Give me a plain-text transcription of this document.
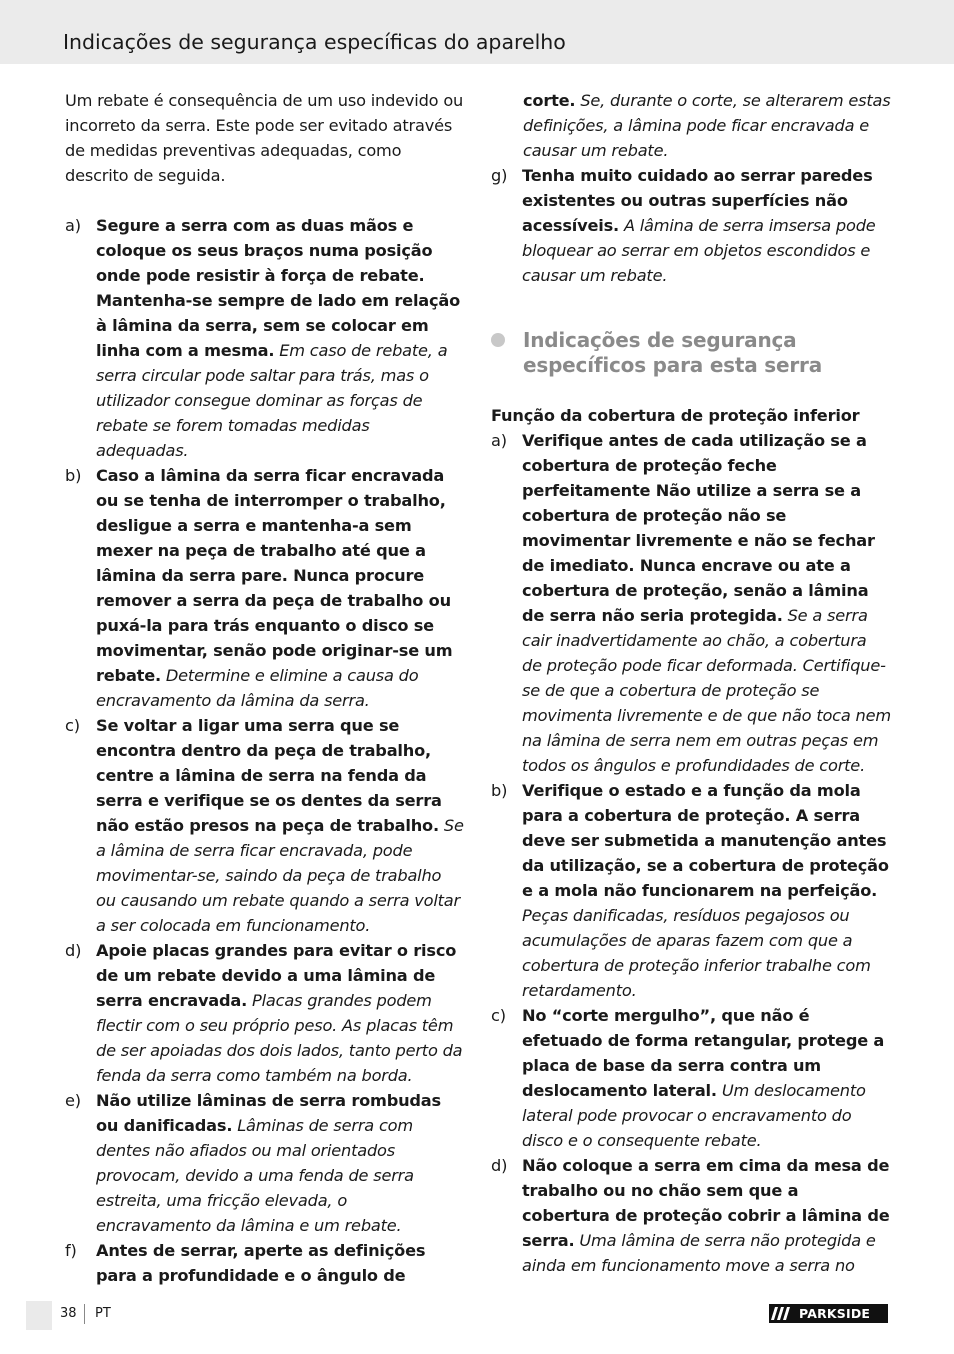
Indicações de segurança específicas do aparelho

Um rebate é consequência de um uso indevido ou incorreto da serra. Este pode ser evitado através de medidas preventivas adequadas, como descrito de seguida.

a) Segure a serra com as duas mãos e coloque os seus braços numa posição onde pode resistir à força de rebate. Mantenha-se sempre de lado em relação à lâmina da serra, sem se colocar em linha com a mesma. Em caso de rebate, a serra circular pode saltar para trás, mas o utilizador consegue dominar as forças de rebate se forem tomadas medidas adequadas.
b) Caso a lâmina da serra ficar encravada ou se tenha de interromper o trabalho, desligue a serra e mantenha-a sem mexer na peça de trabalho até que a lâmina da serra pare. Nunca procure remover a serra da peça de trabalho ou puxá-la para trás enquanto o disco se movimentar, senão pode originar-se um rebate. Determine e elimine a causa do encravamento da lâmina da serra.
c) Se voltar a ligar uma serra que se encontra dentro da peça de trabalho, centre a lâmina de serra na fenda da serra e verifique se os dentes da serra não estão presos na peça de trabalho. Se a lâmina de serra ficar encravada, pode movimentar-se, saindo da peça de trabalho ou causando um rebate quando a serra voltar a ser colocada em funcionamento.
d) Apoie placas grandes para evitar o risco de um rebate devido a uma lâmina de serra encravada. Placas grandes podem flectir com o seu próprio peso. As placas têm de ser apoiadas dos dois lados, tanto perto da fenda da serra como também na borda.
e) Não utilize lâminas de serra rombudas ou danificadas. Lâminas de serra com dentes não afiados ou mal orientados provocam, devido a uma fenda de serra estreita, uma fricção elevada, o encravamento da lâmina e um rebate.
f)	Antes de serrar, aperte as definições para a profundidade e o ângulo de
corte. Se, durante o corte, se alterarem estas definições, a lâmina pode ficar encravada e causar um rebate.
g) Tenha muito cuidado ao serrar paredes existentes ou outras superfícies não acessíveis. A lâmina de serra imsersa pode bloquear ao serrar em objetos escondidos e causar um rebate.
Indicações de segurança específicos para esta serra
Função da cobertura de proteção inferior
a) Verifique antes de cada utilização se a cobertura de proteção feche perfeitamente Não utilize a serra se a cobertura de proteção não se movimentar livremente e não se fechar de imediato. Nunca encrave ou ate a cobertura de proteção, senão a lâmina de serra não seria protegida. Se a serra cair inadvertidamente ao chão, a cobertura de proteção pode ficar deformada. Certifique-se de que a cobertura de proteção se movimenta livremente e de que não toca nem na lâmina de serra nem em outras peças em todos os ângulos e profundidades de corte.
b) Verifique o estado e a função da mola para a cobertura de proteção. A serra deve ser submetida a manutenção antes da utilização, se a cobertura de proteção e a mola não funcionarem na perfeição. Peças danificadas, resíduos pegajosos ou acumulações de aparas fazem com que a cobertura de proteção inferior trabalhe com retardamento.
c) No “corte mergulho”, que não é efetuado de forma retangular, protege a placa de base da serra contra um deslocamento lateral. Um deslocamento lateral pode provocar o encravamento do disco e o consequente rebate.
d) Não coloque a serra em cima da mesa de trabalho ou no chão sem que a cobertura de proteção cobrir a lâmina de serra. Uma lâmina de serra não protegida e ainda em funcionamento move a serra no
38 PT	PARKSIDE
